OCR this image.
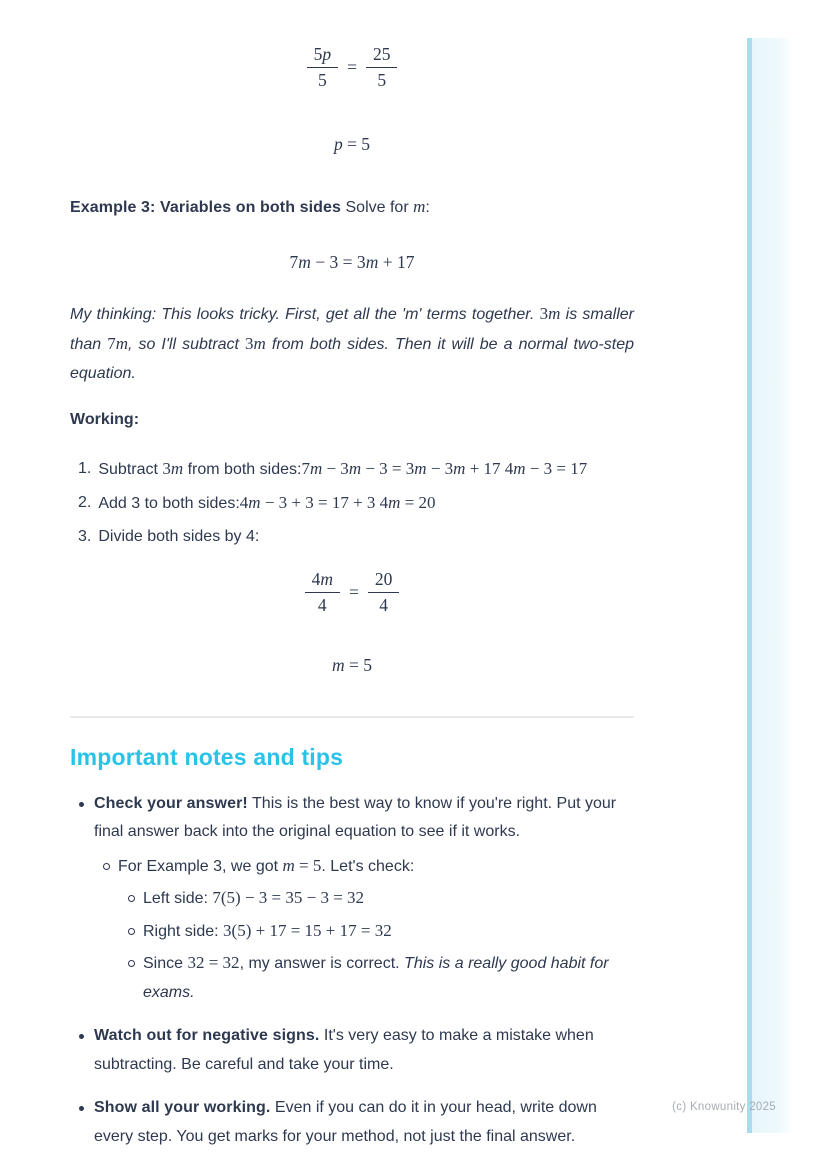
$\frac{5p}{5} = \frac{25}{5}$
p = 5

Example 3: Variables on both sides Solve for m:

7m − 3 = 3m + 17

My thinking: This looks tricky. First, get all the 'm' terms together. 3m is smaller than 7m, so I'll subtract 3m from both sides. Then it will be a normal two-step equation.

Working:

1. Subtract 3m from both sides:7m − 3m − 3 = 3m − 3m + 17 4m − 3 = 17
2. Add 3 to both sides:4m − 3 + 3 = 17 + 3 4m = 20
3. Divide both sides by 4:
$\frac{4m}{4} = \frac{20}{4}$
m = 5
Important notes and tips
Check your answer! This is the best way to know if you're right. Put your final answer back into the original equation to see if it works.
For Example 3, we got m = 5. Let's check:
Left side: 7(5) − 3 = 35 − 3 = 32
Right side: 3(5) + 17 = 15 + 17 = 32
Since 32 = 32, my answer is correct. This is a really good habit for exams.
Watch out for negative signs. It's very easy to make a mistake when subtracting. Be careful and take your time.
Show all your working. Even if you can do it in your head, write down every step. You get marks for your method, not just the final answer.
(c) Knowunity 2025
